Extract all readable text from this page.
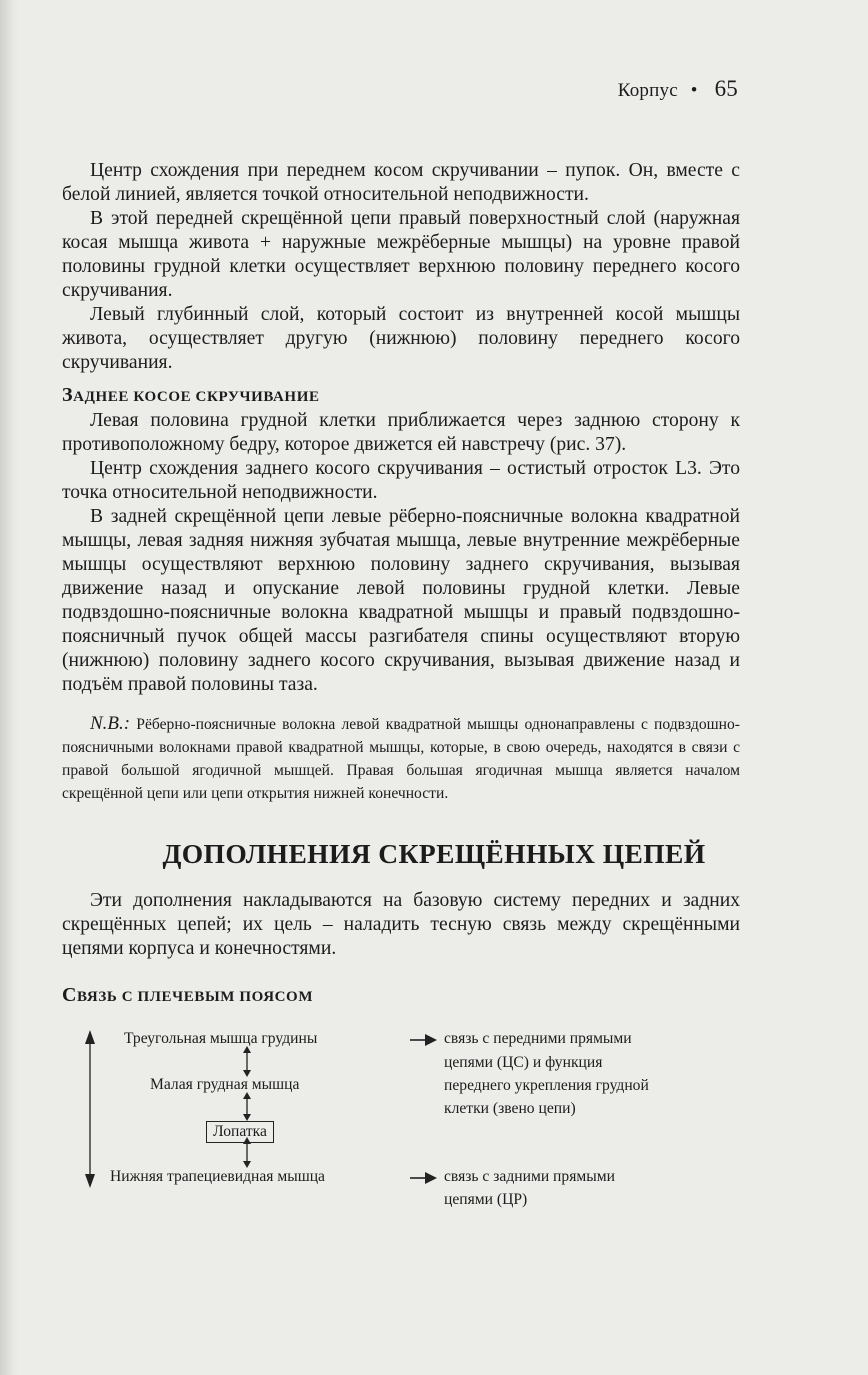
Корпус • 65

Центр схождения при переднем косом скручивании – пупок. Он, вместе с белой линией, является точкой относительной неподвижности.

В этой передней скрещённой цепи правый поверхностный слой (наружная косая мышца живота + наружные межрёберные мышцы) на уровне правой половины грудной клетки осуществляет верхнюю половину переднего косого скручивания.

Левый глубинный слой, который состоит из внутренней косой мышцы живота, осуществляет другую (нижнюю) половину переднего косого скручивания.

ЗАДНЕЕ КОСОЕ СКРУЧИВАНИЕ

Левая половина грудной клетки приближается через заднюю сторону к противоположному бедру, которое движется ей навстречу (рис. 37).

Центр схождения заднего косого скручивания – остистый отросток L3. Это точка относительной неподвижности.

В задней скрещённой цепи левые рёберно-поясничные волокна квадратной мышцы, левая задняя нижняя зубчатая мышца, левые внутренние межрёберные мышцы осуществляют верхнюю половину заднего скручивания, вызывая движение назад и опускание левой половины грудной клетки. Левые подвздошно-поясничные волокна квадратной мышцы и правый подвздошно-поясничный пучок общей массы разгибателя спины осуществляют вторую (нижнюю) половину заднего косого скручивания, вызывая движение назад и подъём правой половины таза.

N.B.: Рёберно-поясничные волокна левой квадратной мышцы однонаправлены с подвздошно-поясничными волокнами правой квадратной мышцы, которые, в свою очередь, находятся в связи с правой большой ягодичной мышцей. Правая большая ягодичная мышца является началом скрещённой цепи или цепи открытия нижней конечности.
ДОПОЛНЕНИЯ СКРЕЩЁННЫХ ЦЕПЕЙ

Эти дополнения накладываются на базовую систему передних и задних скрещённых цепей; их цель – наладить тесную связь между скрещёнными цепями корпуса и конечностями.

СВЯЗЬ С ПЛЕЧЕВЫМ ПОЯСОМ
Треугольная мышца грудины
Малая грудная мышца
Лопатка
Нижняя трапециевидная мышца
связь с передними прямыми
цепями (ЦС) и функция
переднего укрепления грудной
клетки (звено цепи)
связь с задними прямыми
цепями (ЦР)
